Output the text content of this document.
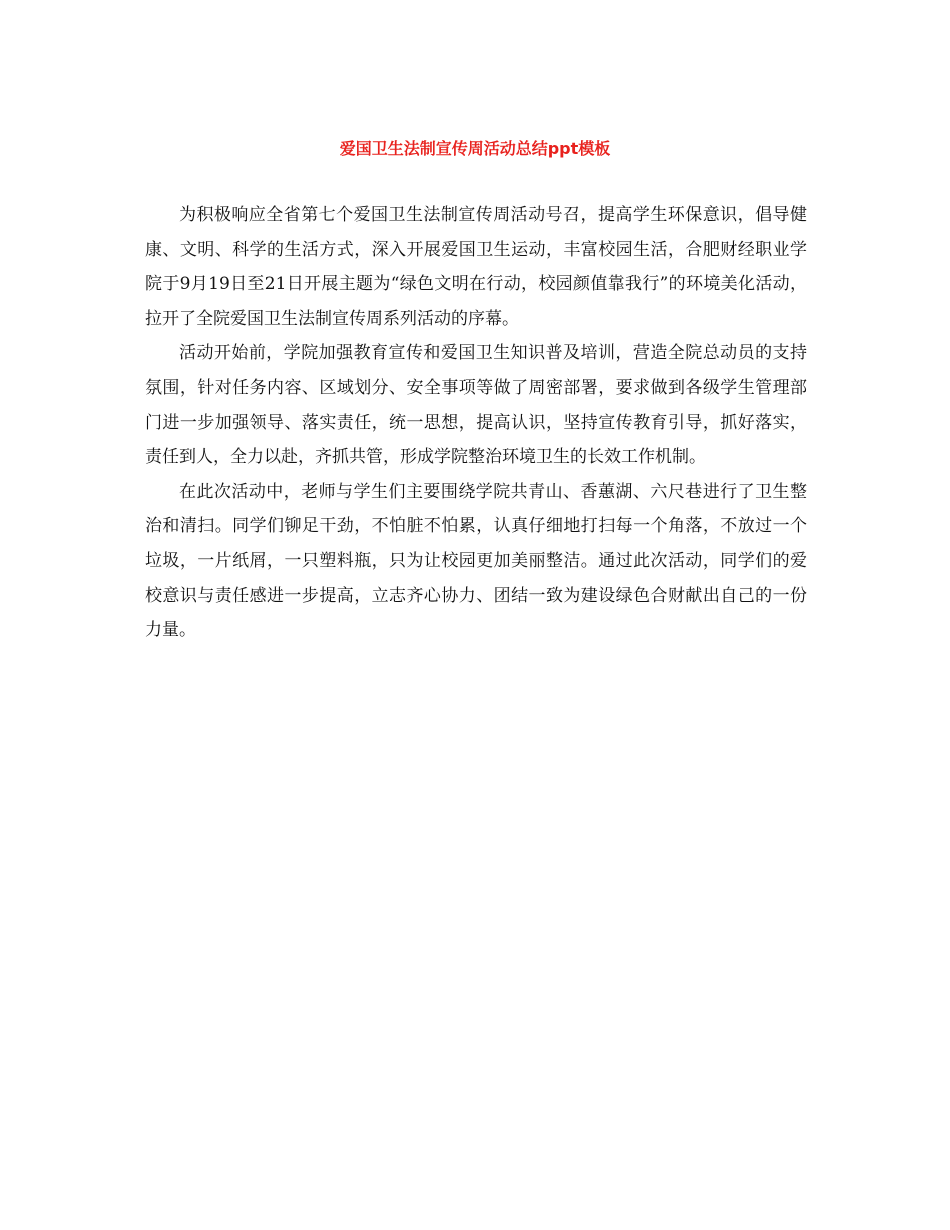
爱国卫生法制宣传周活动总结ppt模板

为积极响应全省第七个爱国卫生法制宣传周活动号召，提高学生环保意识，倡导健康、文明、科学的生活方式，深入开展爱国卫生运动，丰富校园生活，合肥财经职业学院于9月19日至21日开展主题为“绿色文明在行动，校园颜值靠我行”的环境美化活动，拉开了全院爱国卫生法制宣传周系列活动的序幕。

活动开始前，学院加强教育宣传和爱国卫生知识普及培训，营造全院总动员的支持氛围，针对任务内容、区域划分、安全事项等做了周密部署，要求做到各级学生管理部门进一步加强领导、落实责任，统一思想，提高认识，坚持宣传教育引导，抓好落实，责任到人，全力以赴，齐抓共管，形成学院整治环境卫生的长效工作机制。

在此次活动中，老师与学生们主要围绕学院共青山、香蕙湖、六尺巷进行了卫生整治和清扫。同学们铆足干劲，不怕脏不怕累，认真仔细地打扫每一个角落，不放过一个垃圾，一片纸屑，一只塑料瓶，只为让校园更加美丽整洁。通过此次活动，同学们的爱校意识与责任感进一步提高，立志齐心协力、团结一致为建设绿色合财献出自己的一份力量。
